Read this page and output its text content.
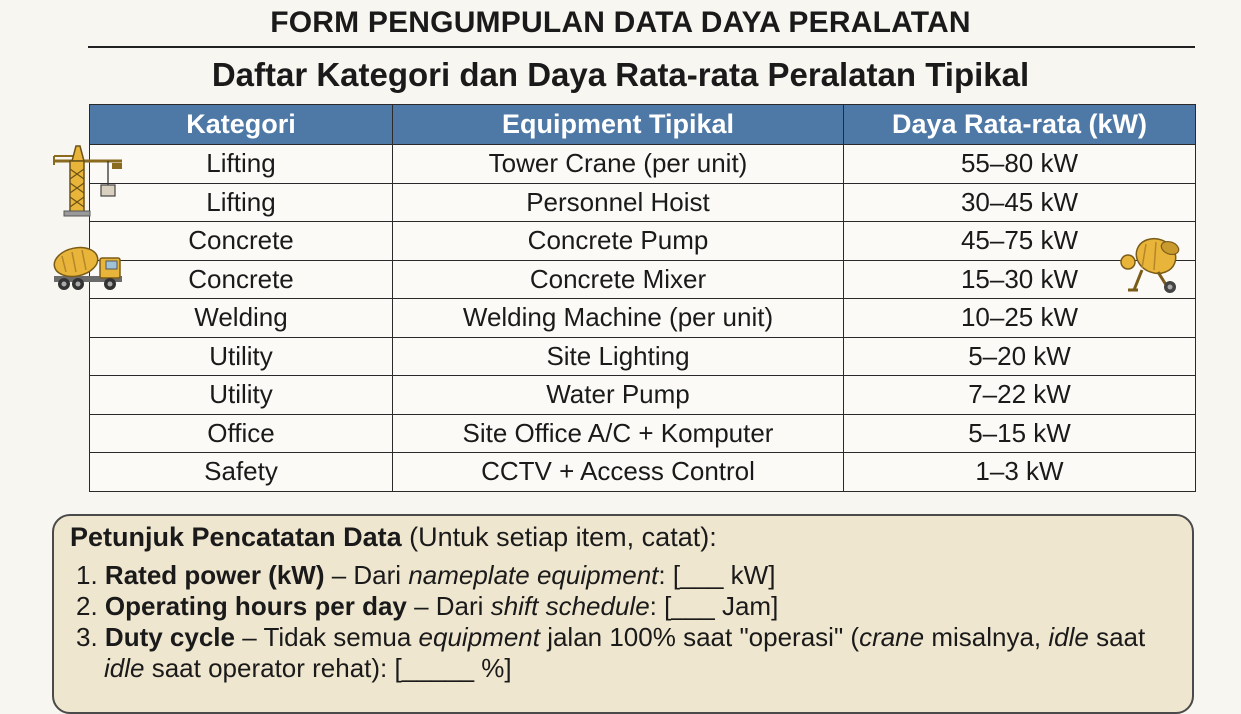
FORM PENGUMPULAN DATA DAYA PERALATAN
Daftar Kategori dan Daya Rata-rata Peralatan Tipikal
Kategori	Equipment Tipikal	Daya Rata-rata (kW)
Lifting	Tower Crane (per unit)	55–80 kW
Lifting	Personnel Hoist	30–45 kW
Concrete	Concrete Pump	45–75 kW
Concrete	Concrete Mixer	15–30 kW
Welding	Welding Machine (per unit)	10–25 kW
Utility	Site Lighting	5–20 kW
Utility	Water Pump	7–22 kW
Office	Site Office A/C + Komputer	5–15 kW
Safety	CCTV + Access Control	1–3 kW
Petunjuk Pencatatan Data (Untuk setiap item, catat):
1. Rated power (kW) – Dari nameplate equipment: [___ kW]
2. Operating hours per day – Dari shift schedule: [___ Jam]
3. Duty cycle – Tidak semua equipment jalan 100% saat "operasi" (crane misalnya, idle saat
idle saat operator rehat): [_____ %]
